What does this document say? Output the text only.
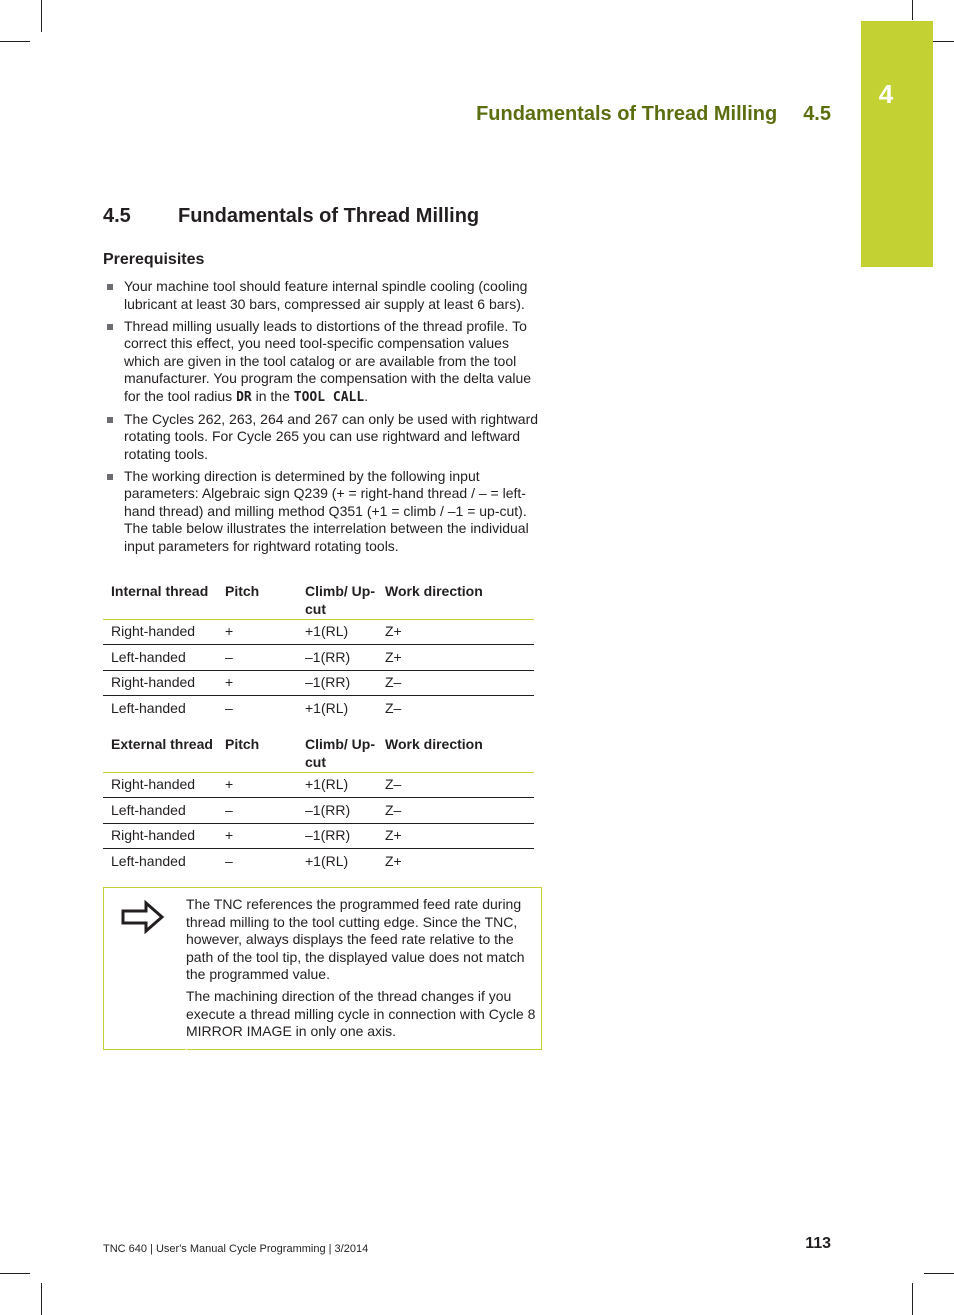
4
Fundamentals of Thread Milling 4.5
4.5 Fundamentals of Thread Milling
Prerequisites
Your machine tool should feature internal spindle cooling (cooling lubricant at least 30 bars, compressed air supply at least 6 bars).
Thread milling usually leads to distortions of the thread profile. To correct this effect, you need tool-specific compensation values which are given in the tool catalog or are available from the tool manufacturer. You program the compensation with the delta value for the tool radius DR in the TOOL CALL.
The Cycles 262, 263, 264 and 267 can only be used with rightward rotating tools. For Cycle 265 you can use rightward and leftward rotating tools.
The working direction is determined by the following input parameters: Algebraic sign Q239 (+ = right-hand thread / – = left-hand thread) and milling method Q351 (+1 = climb / –1 = up-cut). The table below illustrates the interrelation between the individual input parameters for rightward rotating tools.
Internal thread	Pitch	Climb/ Up-cut	Work direction
Right-handed	+	+1(RL)	Z+
Left-handed	–	–1(RR)	Z+
Right-handed	+	–1(RR)	Z–
Left-handed	–	+1(RL)	Z–
External thread	Pitch	Climb/ Up-cut	Work direction
Right-handed	+	+1(RL)	Z–
Left-handed	–	–1(RR)	Z–
Right-handed	+	–1(RR)	Z+
Left-handed	–	+1(RL)	Z+

The TNC references the programmed feed rate during thread milling to the tool cutting edge. Since the TNC, however, always displays the feed rate relative to the path of the tool tip, the displayed value does not match the programmed value.

The machining direction of the thread changes if you execute a thread milling cycle in connection with Cycle 8 MIRROR IMAGE in only one axis.

TNC 640 | User's Manual Cycle Programming | 3/2014	113
